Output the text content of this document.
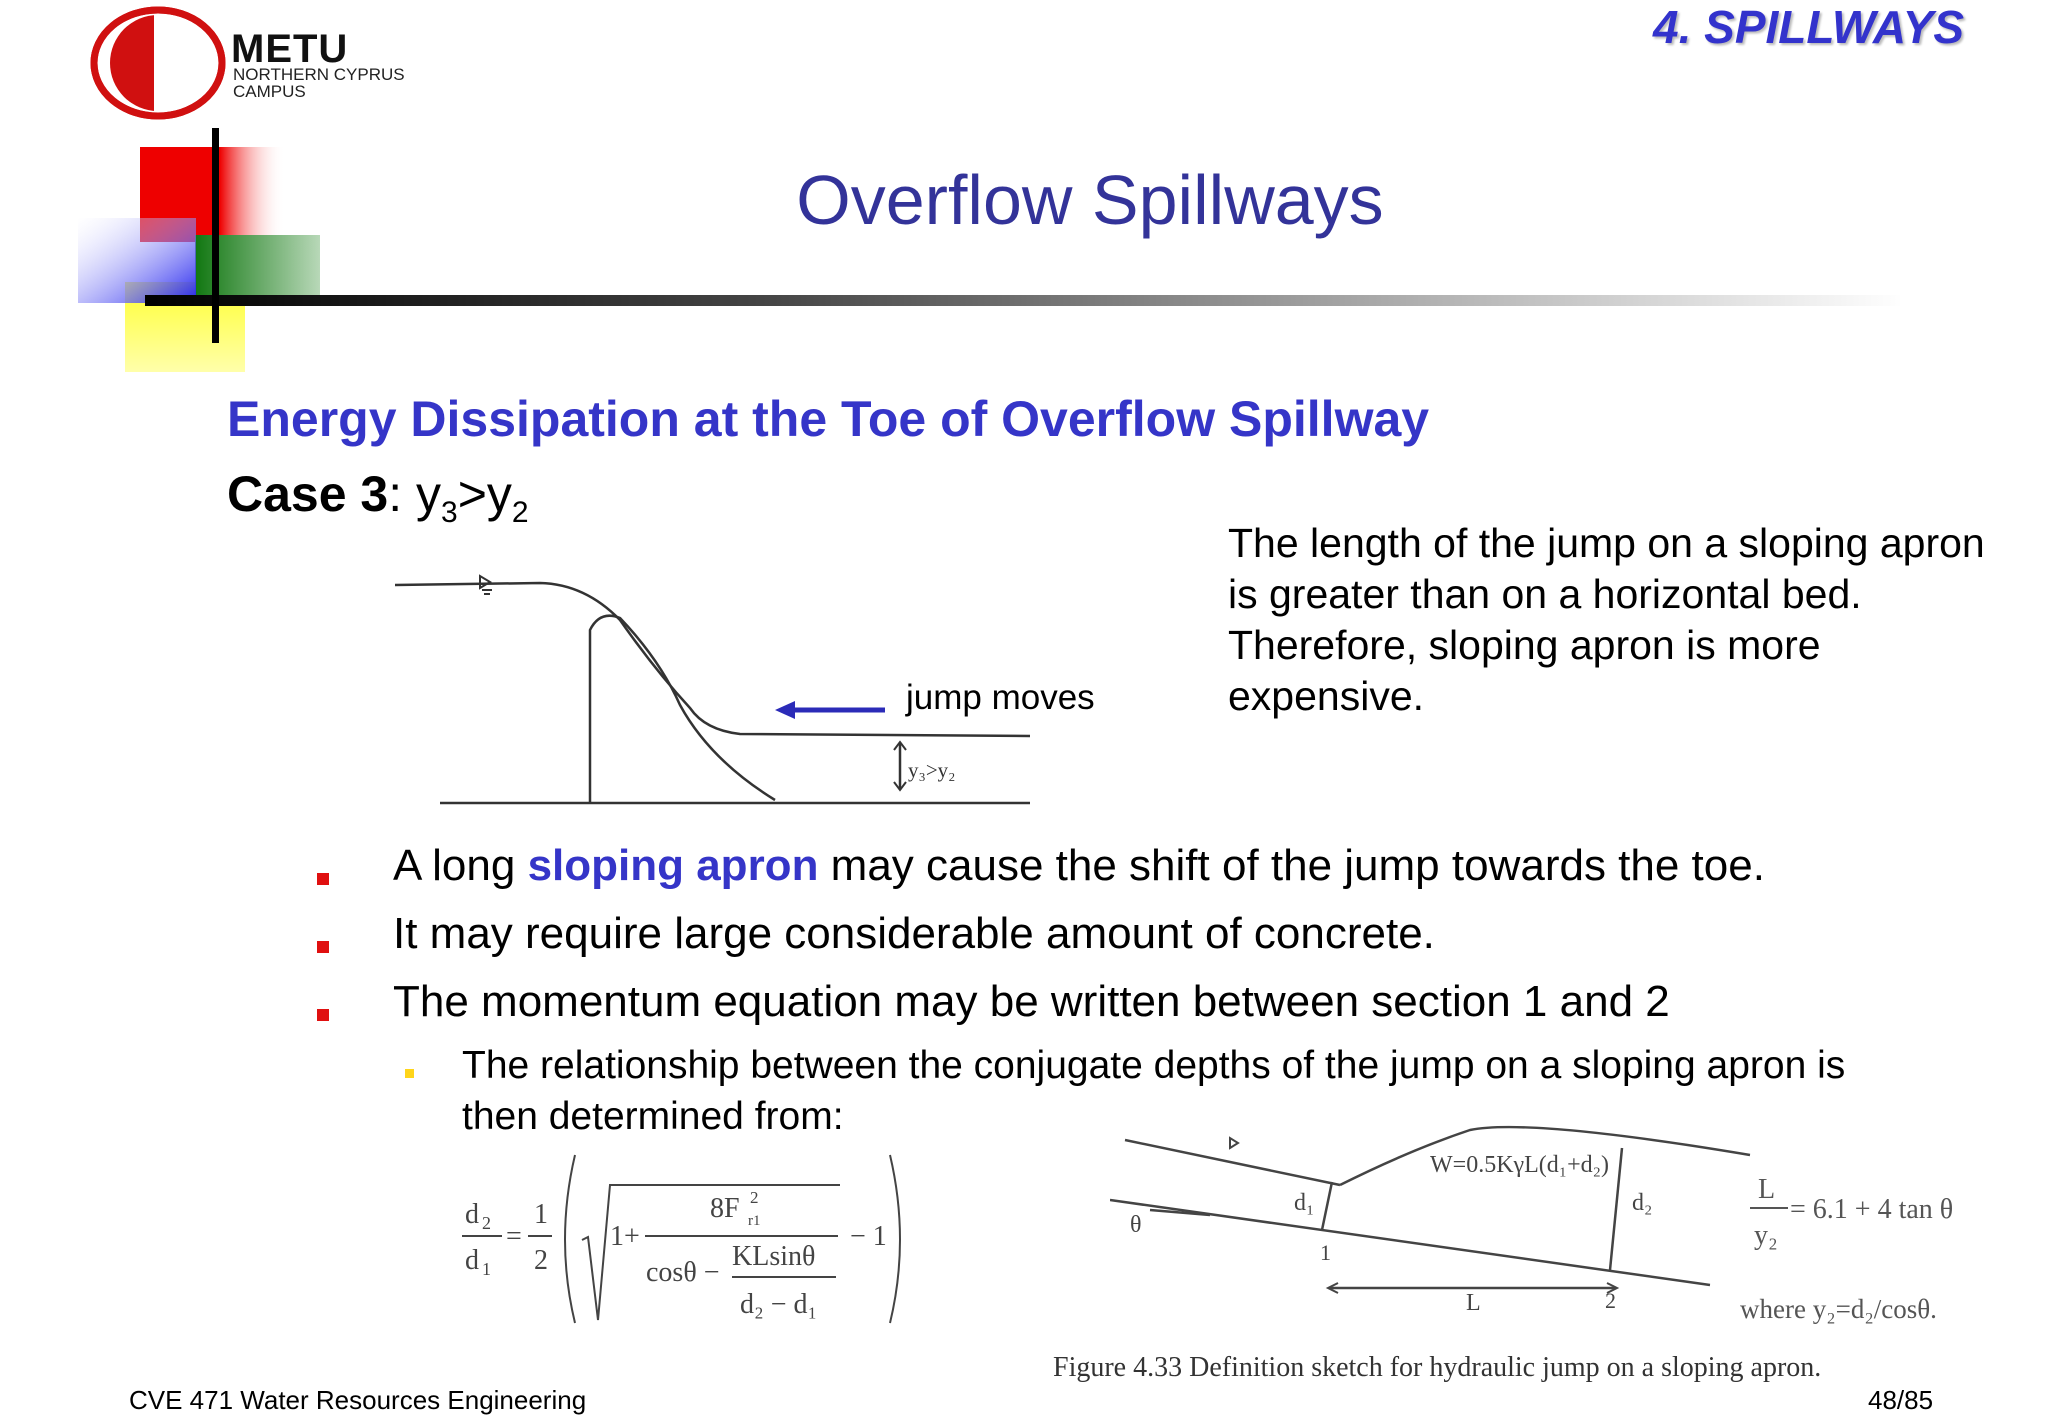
METU
NORTHERN CYPRUS
CAMPUS
4. SPILLWAYS
Overflow Spillways
Energy Dissipation at the Toe of Overflow Spillway
Case 3: $y_3>y_2$
The length of the jump on a sloping apron is greater than on a horizontal bed. Therefore, sloping apron is more expensive.
y₃>y₂
jump moves
A long sloping apron may cause the shift of the jump towards the toe.
It may require large considerable amount of concrete.
The momentum equation may be written between section 1 and 2
The relationship between the conjugate depths of the jump on a sloping apron is then determined from:
d 2
d 1
=
1
2
1+
8F 2
r1
cosθ −
KLsinθ
d₂ − d₁
− 1
W=0.5KγL(d₁+d₂)
d₁	d₂
θ
1
2
L
L
y₂
= 6.1 + 4 tan θ
where y₂=d₂/cosθ.
Figure 4.33 Definition sketch for hydraulic jump on a sloping apron.
CVE 471 Water Resources Engineering	48/85
